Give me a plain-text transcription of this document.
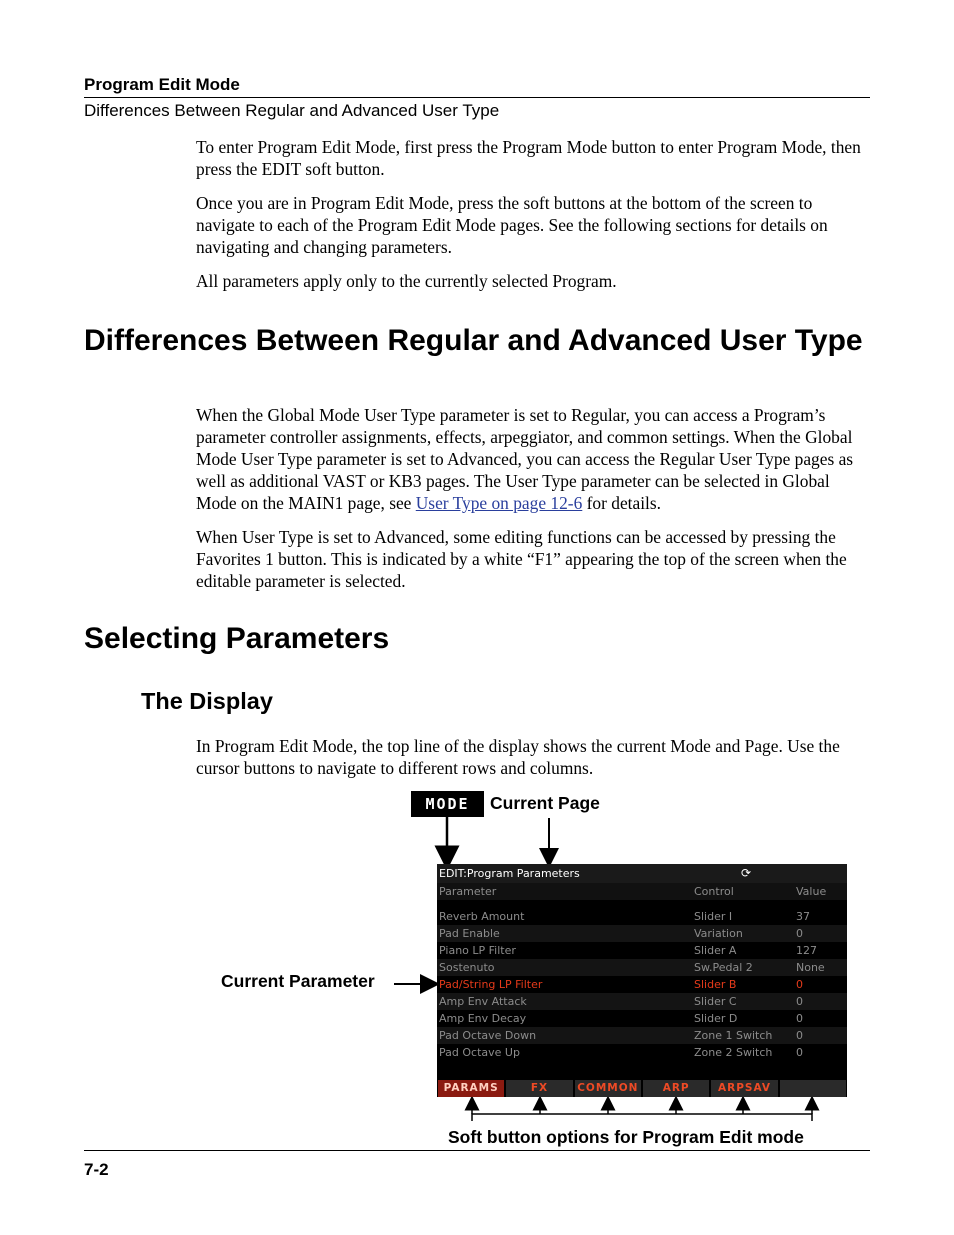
Program Edit Mode
Differences Between Regular and Advanced User Type

To enter Program Edit Mode, first press the Program Mode button to enter Program Mode, then press the EDIT soft button.

Once you are in Program Edit Mode, press the soft buttons at the bottom of the screen to navigate to each of the Program Edit Mode pages. See the following sections for details on navigating and changing parameters.

All parameters apply only to the currently selected Program.

Differences Between Regular and Advanced User Type

When the Global Mode User Type parameter is set to Regular, you can access a Program’s parameter controller assignments, effects, arpeggiator, and common settings. When the Global Mode User Type parameter is set to Advanced, you can access the Regular User Type pages as well as additional VAST or KB3 pages. The User Type parameter can be selected in Global Mode on the MAIN1 page, see User Type on page 12-6 for details.

When User Type is set to Advanced, some editing functions can be accessed by pressing the Favorites 1 button. This is indicated by a white “F1” appearing the top of the screen when the editable parameter is selected.

Selecting Parameters
The Display

In Program Edit Mode, the top line of the display shows the current Mode and Page. Use the cursor buttons to navigate to different rows and columns.

MODE	Current Page
Current Parameter
Soft button options for Program Edit mode
EDIT:Program Parameters	⟳
Parameter	Control	Value
Reverb Amount	Slider I	37
Pad Enable	Variation	0
Piano LP Filter	Slider A	127
Sostenuto	Sw.Pedal 2	None
Pad/String LP Filter	Slider B	0
Amp Env Attack	Slider C	0
Amp Env Decay	Slider D	0
Pad Octave Down	Zone 1 Switch 0
Pad Octave Up	Zone 2 Switch 0
PARAMS	FX	COMMON	ARP	ARPSAV
7-2
